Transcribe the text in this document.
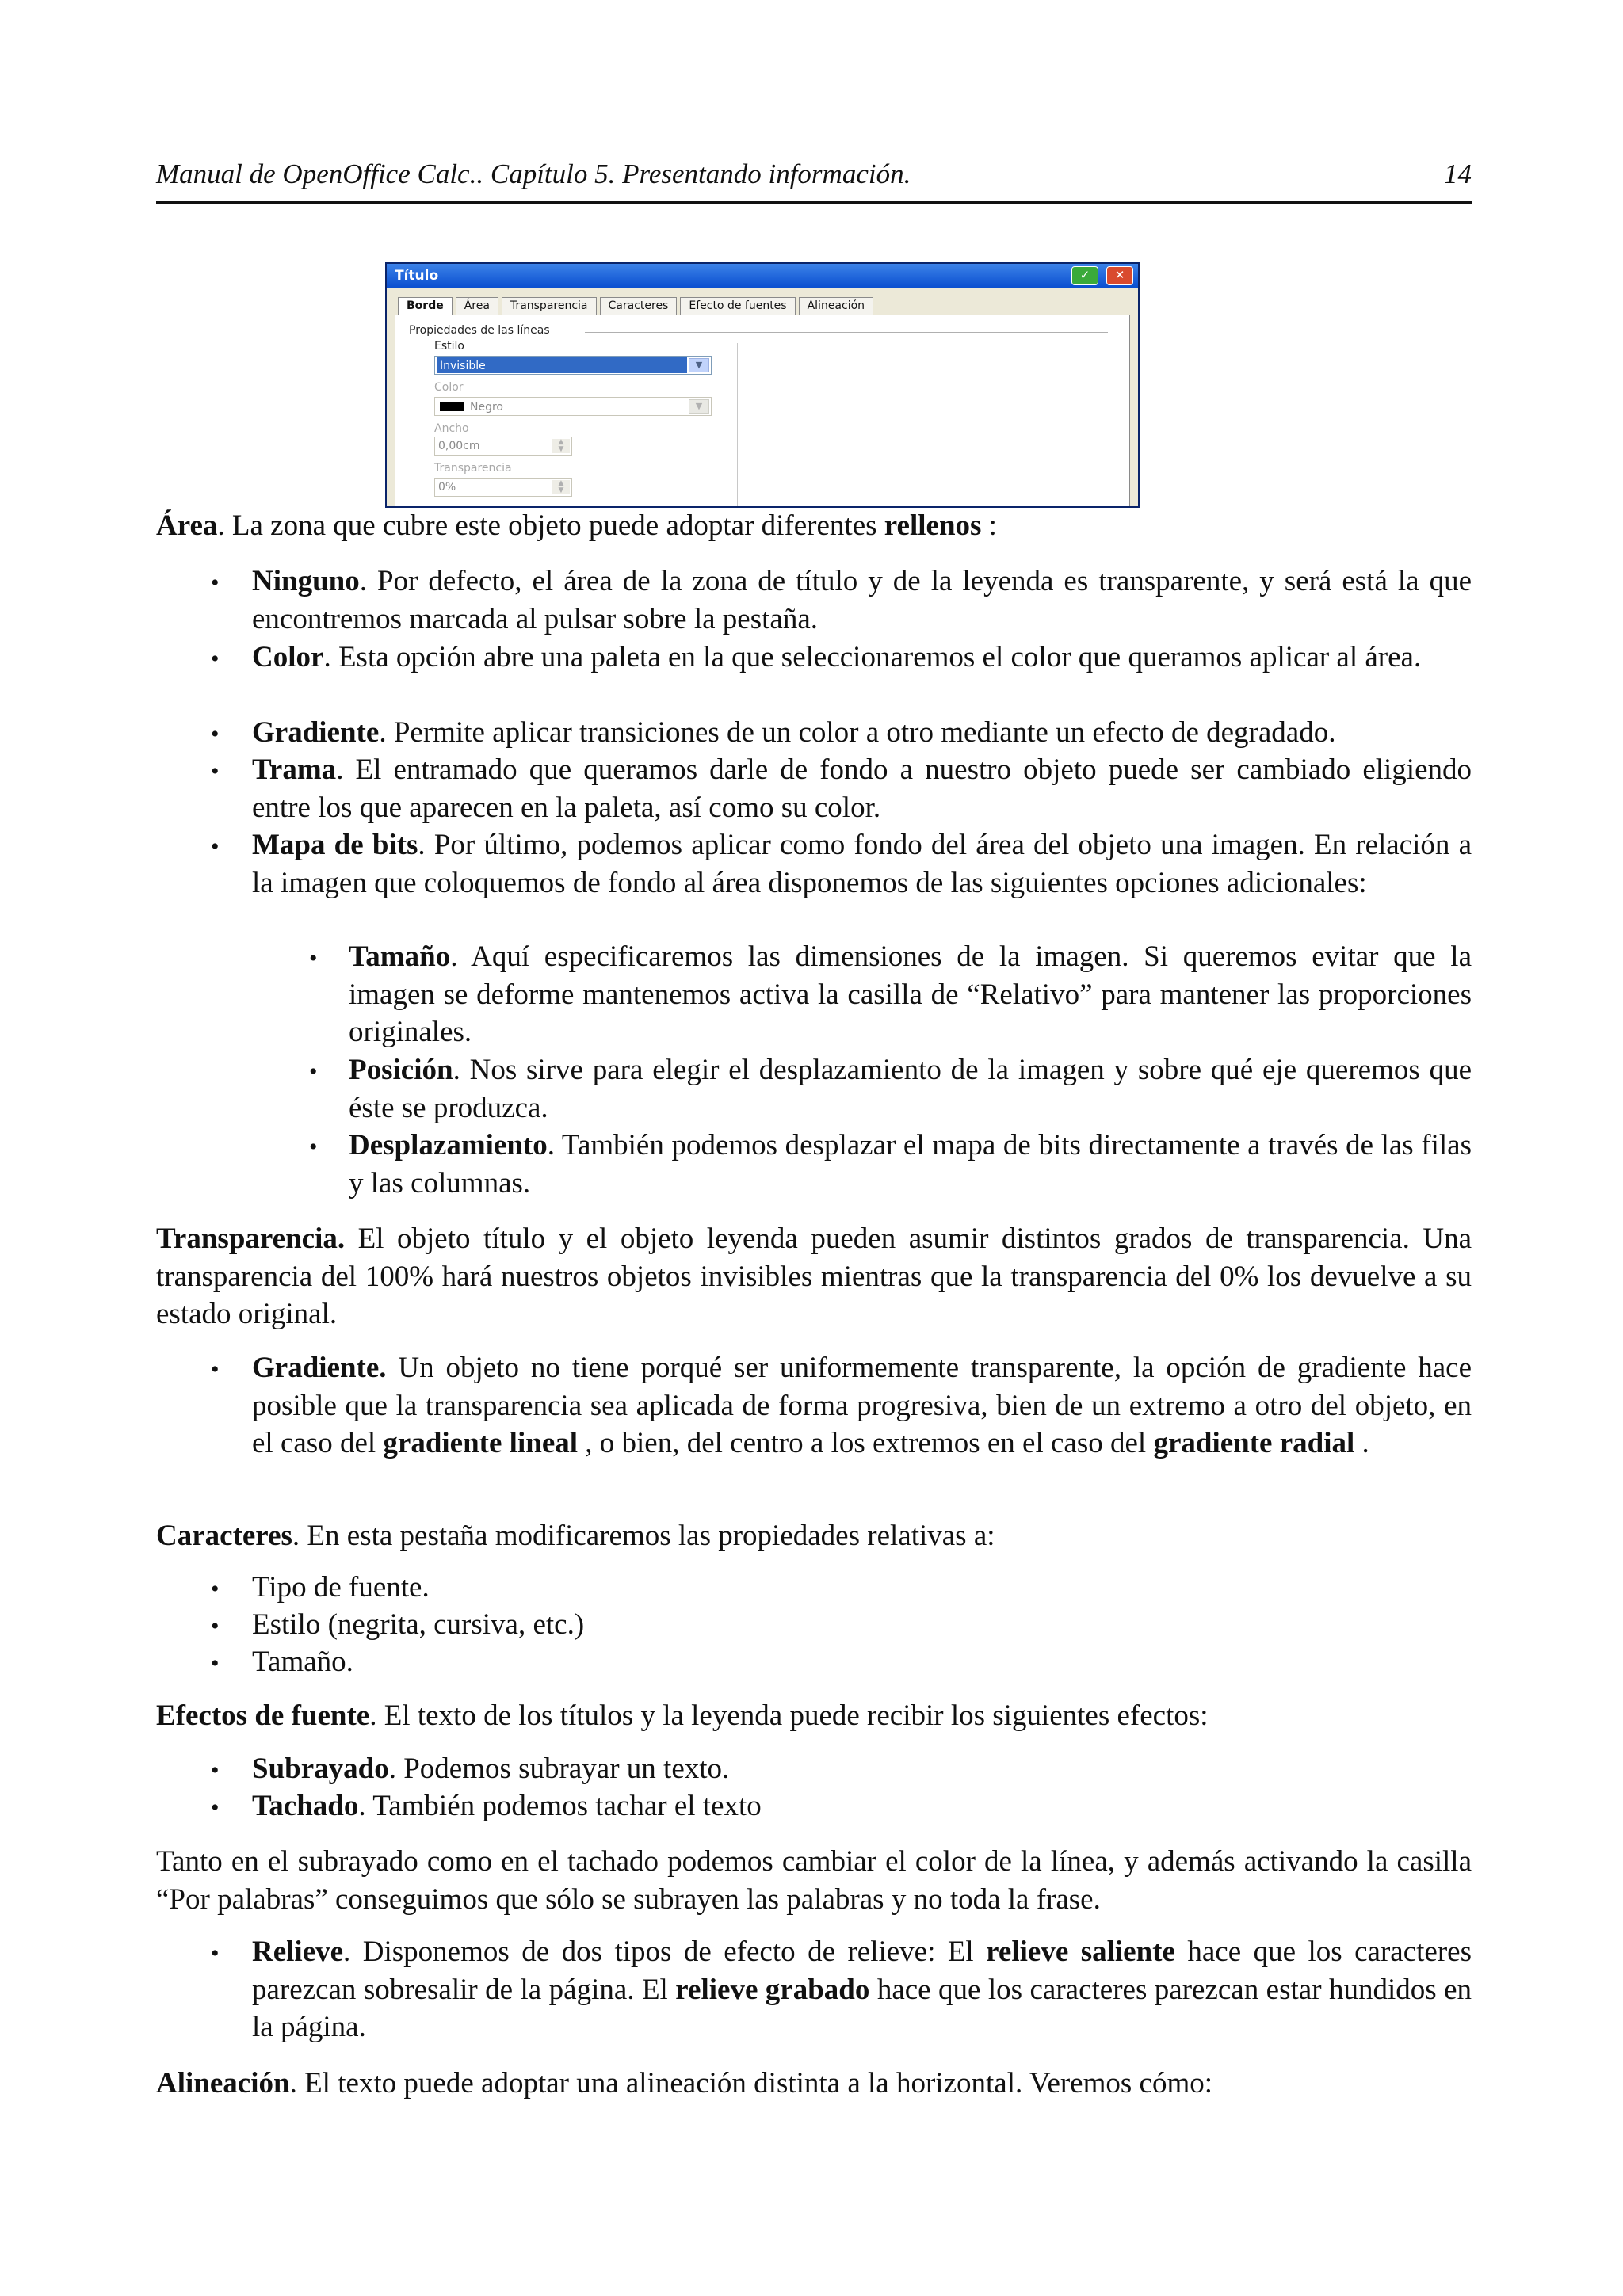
Manual de OpenOffice Calc.. Capítulo 5. Presentando información.	14
Título	✓	✕
Borde	Área	Transparencia	Caracteres	Efecto de fuentes	Alineación
Propiedades de las líneas
Estilo
Invisible	▼
Color
Negro	▼
Ancho
0,00cm	▲
▼
Transparencia
0%	▲
▼
Área. La zona que cubre este objeto puede adoptar diferentes rellenos :
• Ninguno. Por defecto, el área de la zona de título y de la leyenda es transparente, y será está la que encontremos marcada al pulsar sobre la pestaña.
• Color. Esta opción abre una paleta en la que seleccionaremos el color que queramos aplicar al área.
• Gradiente. Permite aplicar transiciones de un color a otro mediante un efecto de degradado.
• Trama. El entramado que queramos darle de fondo a nuestro objeto puede ser cambiado eligiendo entre los que aparecen en la paleta, así como su color.
• Mapa de bits. Por último, podemos aplicar como fondo del área del objeto una imagen. En relación a la imagen que coloquemos de fondo al área disponemos de las siguientes opciones adicionales:
• Tamaño. Aquí especificaremos las dimensiones de la imagen. Si queremos evitar que la imagen se deforme mantenemos activa la casilla de “Relativo” para mantener las proporciones originales.
• Posición. Nos sirve para elegir el desplazamiento de la imagen y sobre qué eje queremos que éste se produzca.
• Desplazamiento. También podemos desplazar el mapa de bits directamente a través de las filas y las columnas.
Transparencia. El objeto título y el objeto leyenda pueden asumir distintos grados de transparencia. Una transparencia del 100% hará nuestros objetos invisibles mientras que la transparencia del 0% los devuelve a su estado original.
• Gradiente. Un objeto no tiene porqué ser uniformemente transparente, la opción de gradiente hace posible que la transparencia sea aplicada de forma progresiva, bien de un extremo a otro del objeto, en el caso del gradiente lineal , o bien, del centro a los extremos en el caso del gradiente radial .
Caracteres. En esta pestaña modificaremos las propiedades relativas a:
• Tipo de fuente.
• Estilo (negrita, cursiva, etc.)
• Tamaño.
Efectos de fuente. El texto de los títulos y la leyenda puede recibir los siguientes efectos:
• Subrayado. Podemos subrayar un texto.
• Tachado. También podemos tachar el texto
Tanto en el subrayado como en el tachado podemos cambiar el color de la línea, y además activando la casilla “Por palabras” conseguimos que sólo se subrayen las palabras y no toda la frase.
• Relieve. Disponemos de dos tipos de efecto de relieve: El relieve saliente hace que los caracteres parezcan sobresalir de la página. El relieve grabado hace que los caracteres parezcan estar hundidos en la página.
Alineación. El texto puede adoptar una alineación distinta a la horizontal. Veremos cómo:
